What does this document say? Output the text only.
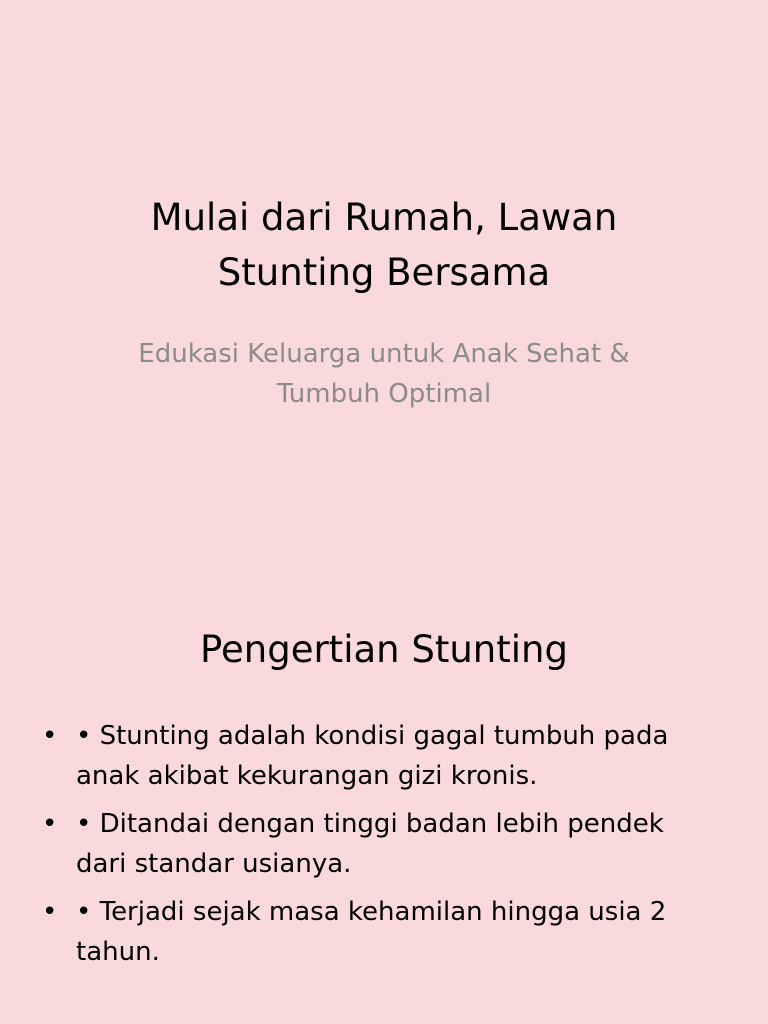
Mulai dari Rumah, Lawan
Stunting Bersama
Edukasi Keluarga untuk Anak Sehat &
Tumbuh Optimal
Pengertian Stunting
• • Stunting adalah kondisi gagal tumbuh pada anak akibat kekurangan gizi kronis.
• • Ditandai dengan tinggi badan lebih pendek dari standar usianya.
• • Terjadi sejak masa kehamilan hingga usia 2 tahun.
